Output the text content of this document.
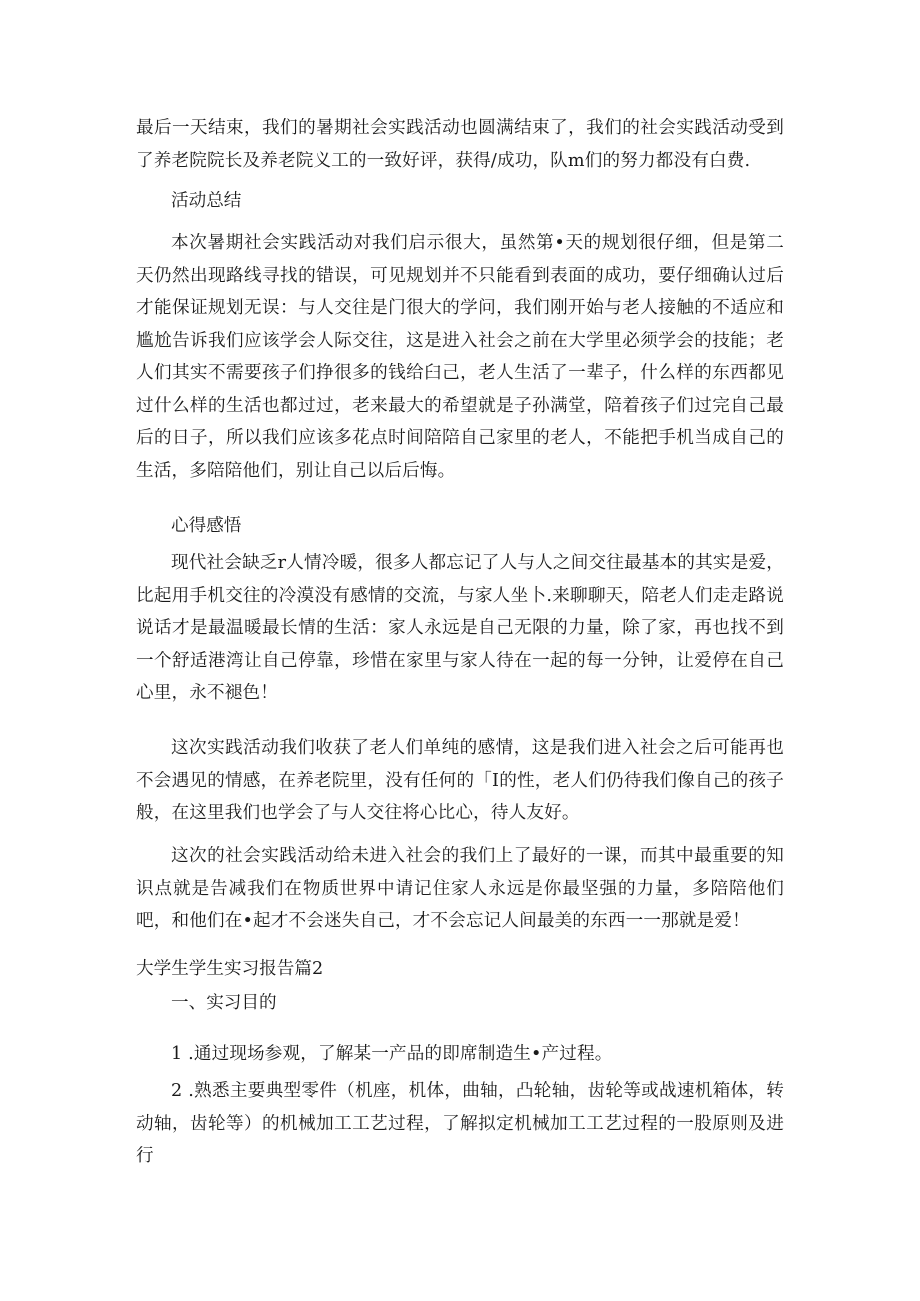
最后一天结束，我们的暑期社会实践活动也圆满结束了，我们的社会实践活动受到了养老院院长及养老院义工的一致好评，获得/成功，队m们的努力都没有白费.

活动总结

本次暑期社会实践活动对我们启示很大，虽然第•天的规划很仔细，但是第二天仍然出现路线寻找的错误，可见规划并不只能看到表面的成功，要仔细确认过后才能保证规划无误：与人交往是门很大的学问，我们刚开始与老人接触的不适应和尴尬告诉我们应该学会人际交往，这是进入社会之前在大学里必须学会的技能；老人们其实不需要孩子们挣很多的钱给臼己，老人生活了一辈子，什么样的东西都见过什么样的生活也都过过，老来最大的希望就是子孙满堂，陪着孩子们过完自己最后的日子，所以我们应该多花点时间陪陪自己家里的老人，不能把手机当成自己的生活，多陪陪他们，别让自己以后后悔。

心得感悟

现代社会缺乏r人情冷暖，很多人都忘记了人与人之间交往最基本的其实是爱，比起用手机交往的冷漠没有感情的交流，与家人坐卜.来聊聊天，陪老人们走走路说说话才是最温暖最长情的生活：家人永远是自己无限的力量，除了家，再也找不到一个舒适港湾让自己停靠，珍惜在家里与家人待在一起的每一分钟，让爱停在自己心里，永不褪色！

这次实践活动我们收获了老人们单纯的感情，这是我们进入社会之后可能再也不会遇见的情感，在养老院里，没有任何的「I的性，老人们仍待我们像自己的孩子般，在这里我们也学会了与人交往将心比心，待人友好。

这次的社会实践活动给未进入社会的我们上了最好的一课，而其中最重要的知识点就是告减我们在物质世界中请记住家人永远是你最坚强的力量，多陪陪他们吧，和他们在•起才不会迷失自己，才不会忘记人间最美的东西一一那就是爱！

大学生学生实习报告篇2

一、实习目的

1 .通过现场参观，了解某一产品的即席制造生•产过程。

2 .熟悉主要典型零件（机座，机体，曲轴，凸轮轴，齿轮等或战速机箱体，转动轴，齿轮等）的机械加工工艺过程，了解拟定机械加工工艺过程的一股原则及进行
